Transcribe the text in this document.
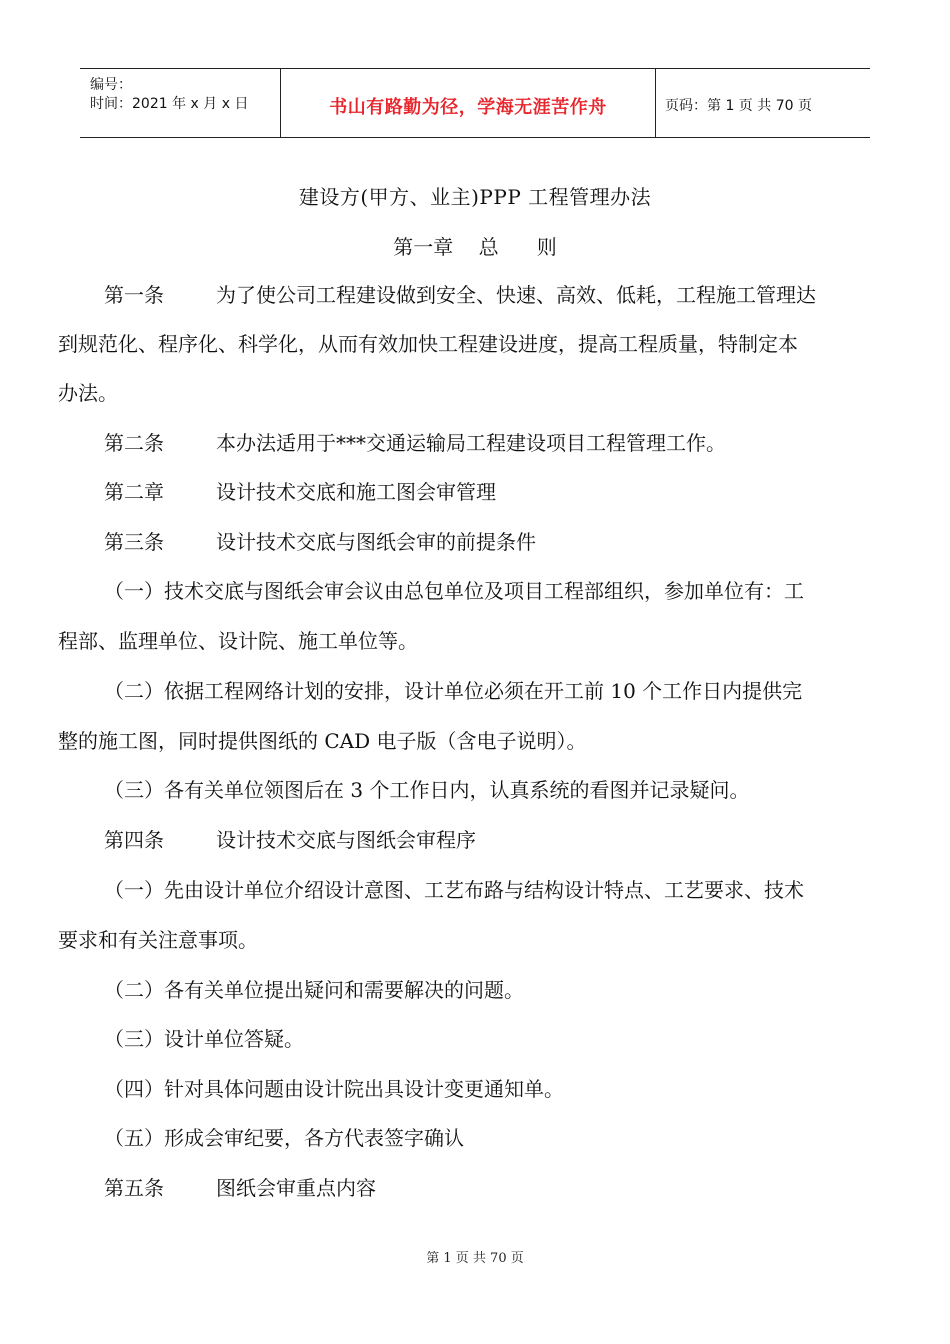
编号：
时间：2021 年 x 月 x 日	书山有路勤为径，学海无涯苦作舟	页码：第 1 页 共 70 页
建设方(甲方、业主)PPP 工程管理办法
第一章    总      则
第一条	为了使公司工程建设做到安全、快速、高效、低耗，工程施工管理达
到规范化、程序化、科学化，从而有效加快工程建设进度，提高工程质量，特制定本
办法。
第二条	本办法适用于***交通运输局工程建设项目工程管理工作。
第二章	设计技术交底和施工图会审管理
第三条	设计技术交底与图纸会审的前提条件
（一）技术交底与图纸会审会议由总包单位及项目工程部组织，参加单位有：工
程部、监理单位、设计院、施工单位等。
（二）依据工程网络计划的安排，设计单位必须在开工前 10 个工作日内提供完
整的施工图，同时提供图纸的 CAD 电子版（含电子说明）。
（三）各有关单位领图后在 3 个工作日内，认真系统的看图并记录疑问。
第四条	设计技术交底与图纸会审程序
（一）先由设计单位介绍设计意图、工艺布路与结构设计特点、工艺要求、技术
要求和有关注意事项。
（二）各有关单位提出疑问和需要解决的问题。
（三）设计单位答疑。
（四）针对具体问题由设计院出具设计变更通知单。
（五）形成会审纪要，各方代表签字确认
第五条	图纸会审重点内容
第 1 页 共 70 页
